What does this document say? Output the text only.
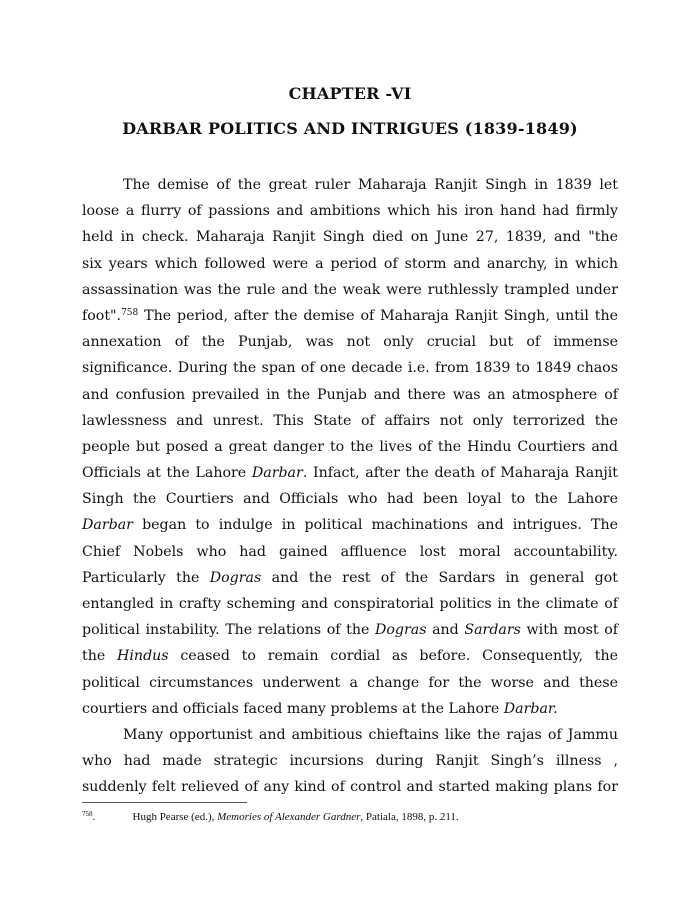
CHAPTER -VI
DARBAR POLITICS AND INTRIGUES (1839-1849)
The demise of the great ruler Maharaja Ranjit Singh in 1839 let
loose a flurry of passions and ambitions which his iron hand had firmly
held in check. Maharaja Ranjit Singh died on June 27, 1839, and "the
six years which followed were a period of storm and anarchy, in which
assassination was the rule and the weak were ruthlessly trampled under
foot".$^{758}$ The period, after the demise of Maharaja Ranjit Singh, until the
annexation of the Punjab, was not only crucial but of immense
significance. During the span of one decade i.e. from 1839 to 1849 chaos
and confusion prevailed in the Punjab and there was an atmosphere of
lawlessness and unrest. This State of affairs not only terrorized the
people but posed a great danger to the lives of the Hindu Courtiers and
Officials at the Lahore Darbar. Infact, after the death of Maharaja Ranjit
Singh the Courtiers and Officials who had been loyal to the Lahore
Darbar began to indulge in political machinations and intrigues. The
Chief Nobels who had gained affluence lost moral accountability.
Particularly the Dogras and the rest of the Sardars in general got
entangled in crafty scheming and conspiratorial politics in the climate of
political instability. The relations of the Dogras and Sardars with most of
the Hindus ceased to remain cordial as before. Consequently, the
political circumstances underwent a change for the worse and these
courtiers and officials faced many problems at the Lahore Darbar.
Many opportunist and ambitious chieftains like the rajas of Jammu
who had made strategic incursions during Ranjit Singh’s illness ,
suddenly felt relieved of any kind of control and started making plans for
$^{758}$.	Hugh Pearse (ed.), Memories of Alexander Gardner, Patiala, 1898, p. 211.
